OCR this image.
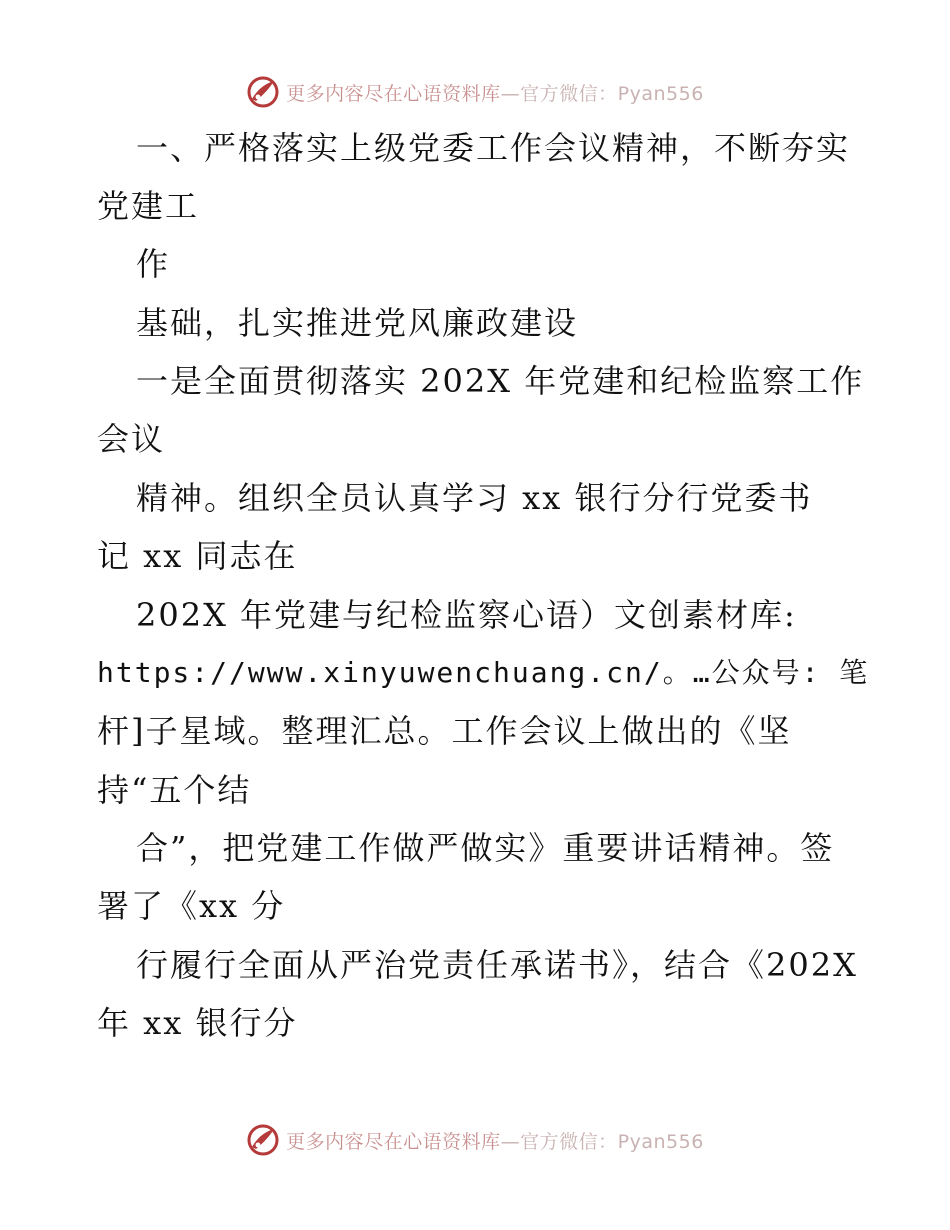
更多内容尽在心语资料库—官方微信：Pyan556
一、严格落实上级党委工作会议精神，不断夯实
党建工
作
基础，扎实推进党风廉政建设
一是全面贯彻落实 202X 年党建和纪检监察工作
会议
精神。组织全员认真学习 xx 银行分行党委书
记 xx 同志在
202X 年党建与纪检监察心语）文创素材库:
https://www.xinyuwenchuang.cn/。…公众号: 笔
杆]子星域。整理汇总。工作会议上做出的《坚
持“五个结
合”，把党建工作做严做实》重要讲话精神。签
署了《xx 分
行履行全面从严治党责任承诺书》，结合《202X
年 xx 银行分
更多内容尽在心语资料库—官方微信：Pyan556
